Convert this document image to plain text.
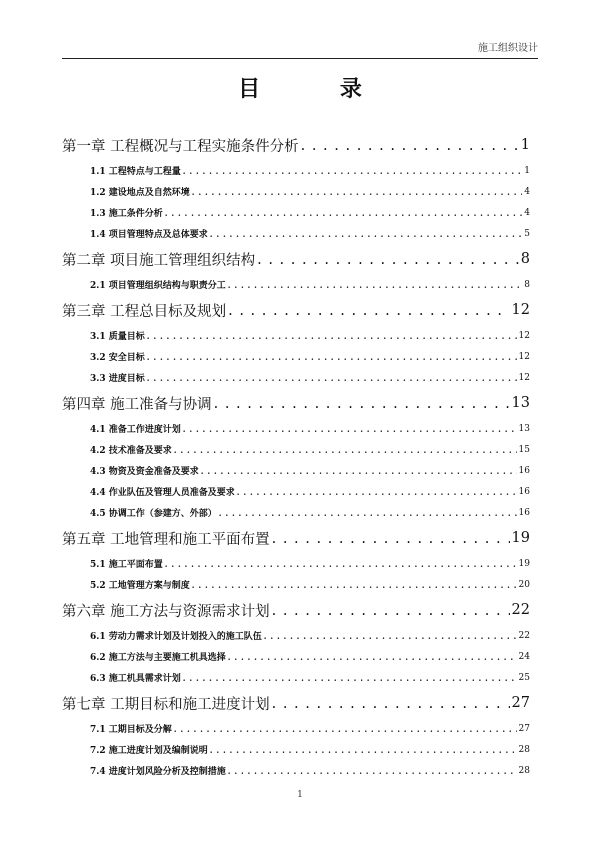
施工组织设计
目 录
第一章 工程概况与工程实施条件分析 . . .	1
1.1 工程特点与工程量 . . .	1
1.2 建设地点及自然环境 . . .	4
1.3 施工条件分析 . . .	4
1.4 项目管理特点及总体要求 . . .	5
第二章 项目施工管理组织结构 . . .	8
2.1 项目管理组织结构与职责分工 . . .	8
第三章 工程总目标及规划 . . .	12
3.1 质量目标 . . .	12
3.2 安全目标 . . .	12
3.3 进度目标 . . .	12
第四章 施工准备与协调 . . .	13
4.1 准备工作进度计划 . . .	13
4.2 技术准备及要求 . . .	15
4.3 物资及资金准备及要求 . . .	16
4.4 作业队伍及管理人员准备及要求 . . .	16
4.5 协调工作（参建方、外部） . . .	16
第五章 工地管理和施工平面布置 . . .	19
5.1 施工平面布置 . . .	19
5.2 工地管理方案与制度 . . .	20
第六章 施工方法与资源需求计划 . . .	22
6.1 劳动力需求计划及计划投入的施工队伍 . . .	22
6.2 施工方法与主要施工机具选择 . . .	24
6.3 施工机具需求计划 . . .	25
第七章 工期目标和施工进度计划 . . .	27
7.1 工期目标及分解 . . .	27
7.2 施工进度计划及编制说明 . . .	28
7.4 进度计划风险分析及控制措施 . . .	28
1
